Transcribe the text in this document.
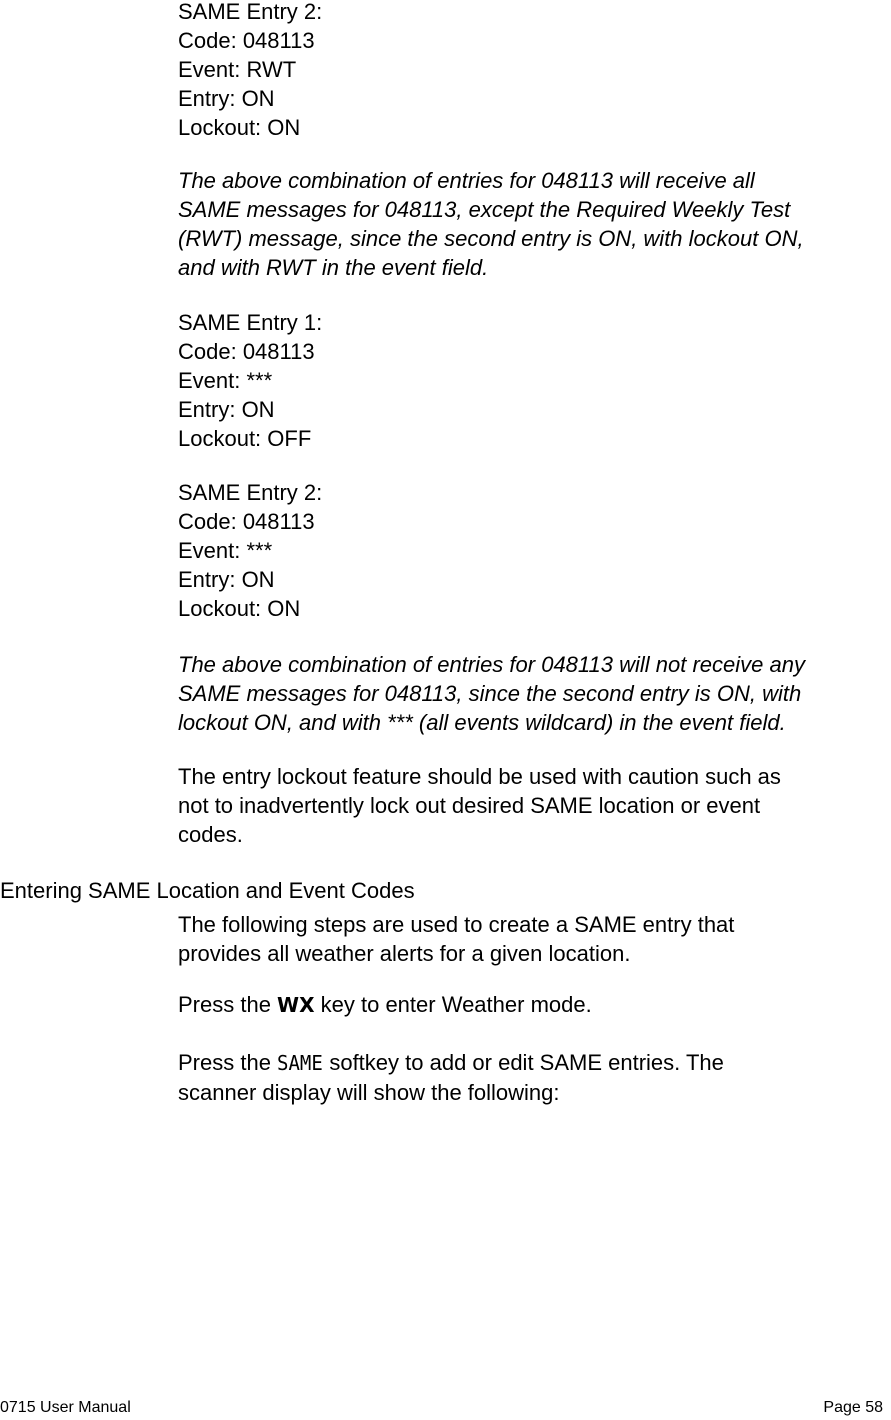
SAME Entry 2:
Code: 048113
Event: RWT
Entry: ON
Lockout: ON
The above combination of entries for 048113 will receive all
SAME messages for 048113, except the Required Weekly Test
(RWT) message, since the second entry is ON, with lockout ON,
and with RWT in the event field.
SAME Entry 1:
Code: 048113
Event: ***
Entry: ON
Lockout: OFF
SAME Entry 2:
Code: 048113
Event: ***
Entry: ON
Lockout: ON
The above combination of entries for 048113 will not receive any
SAME messages for 048113, since the second entry is ON, with
lockout ON, and with *** (all events wildcard) in the event field.
The entry lockout feature should be used with caution such as
not to inadvertently lock out desired SAME location or event
codes.
Entering SAME Location and Event Codes
The following steps are used to create a SAME entry that
provides all weather alerts for a given location.
Press the WX key to enter Weather mode.
Press the SAME softkey to add or edit SAME entries. The
scanner display will show the following:
0715 User Manual	Page 58
